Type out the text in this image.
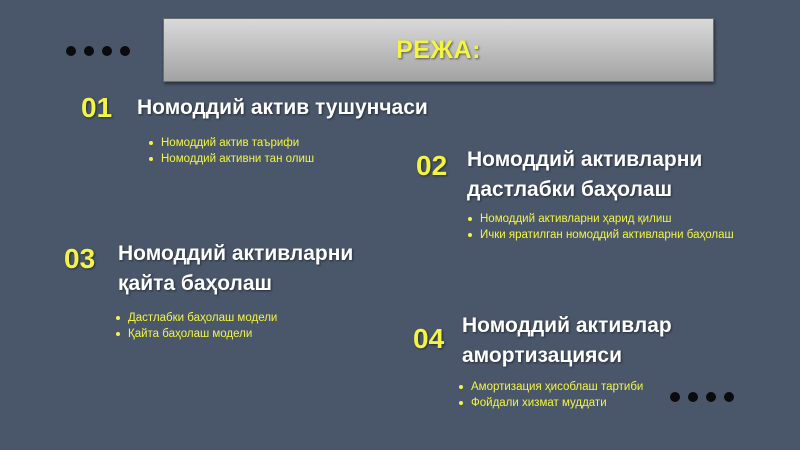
РЕЖА:
01 Номоддий актив тушунчаси
Номоддий актив таърифи
Номоддий активни тан олиш	02 Номоддий активларни
дастлабки баҳолаш
Номоддий активларни ҳарид қилиш
Ички яратилган номоддий активларни баҳолаш
03 Номоддий активларни
қайта баҳолаш
Дастлабки баҳолаш модели
Қайта баҳолаш модели	04 Номоддий активлар
амортизацияси
Амортизация ҳисоблаш тартиби
Фойдали хизмат муддати
